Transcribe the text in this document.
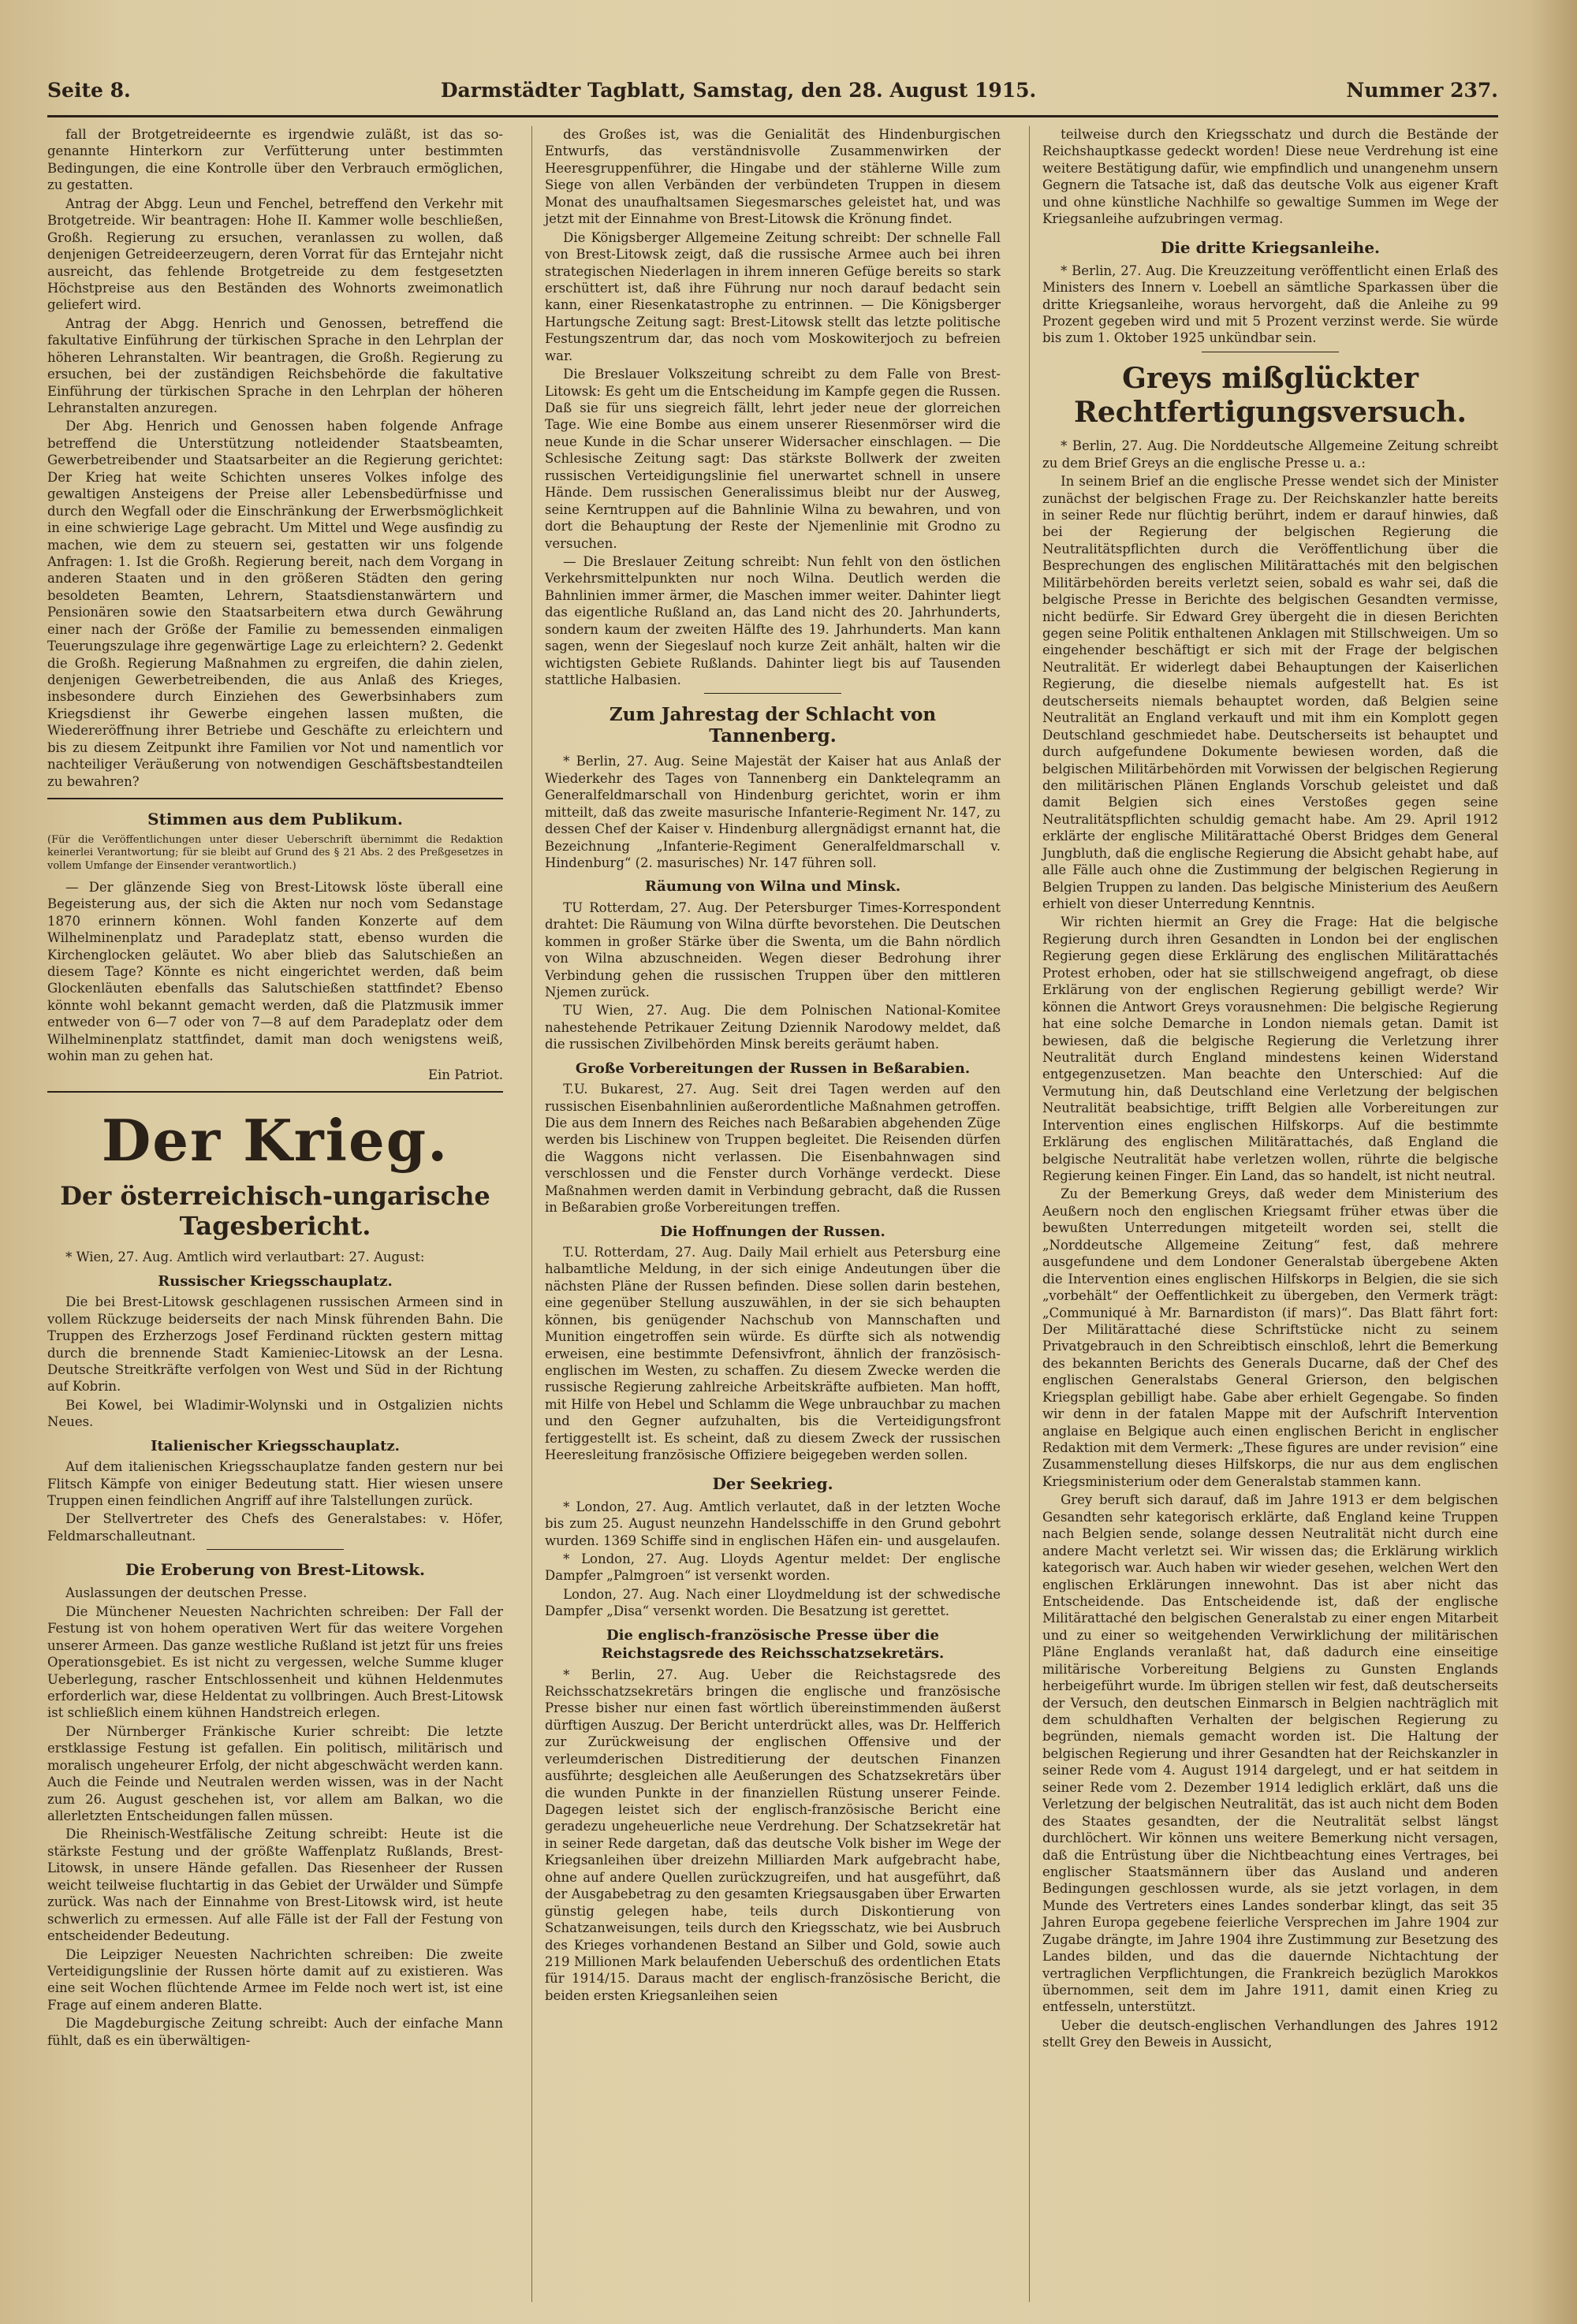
Seite 8.	Darmstädter Tagblatt, Samstag, den 28. August 1915.	Nummer 237.

fall der Brotgetreideernte es irgendwie zuläßt, ist das so-genannte Hinterkorn zur Verfütterung unter bestimmten Bedingungen, die eine Kontrolle über den Verbrauch ermöglichen, zu gestatten.

Antrag der Abgg. Leun und Fenchel, betreffend den Verkehr mit Brotgetreide. Wir beantragen: Hohe II. Kammer wolle beschließen, Großh. Regierung zu ersuchen, veranlassen zu wollen, daß denjenigen Getreideerzeugern, deren Vorrat für das Erntejahr nicht ausreicht, das fehlende Brotgetreide zu dem festgesetzten Höchstpreise aus den Beständen des Wohnorts zweimonatlich geliefert wird.

Antrag der Abgg. Henrich und Genossen, betreffend die fakultative Einführung der türkischen Sprache in den Lehrplan der höheren Lehranstalten. Wir beantragen, die Großh. Regierung zu ersuchen, bei der zuständigen Reichsbehörde die fakultative Einführung der türkischen Sprache in den Lehrplan der höheren Lehranstalten anzuregen.

Der Abg. Henrich und Genossen haben folgende Anfrage betreffend die Unterstützung notleidender Staatsbeamten, Gewerbetreibender und Staatsarbeiter an die Regierung gerichtet: Der Krieg hat weite Schichten unseres Volkes infolge des gewaltigen Ansteigens der Preise aller Lebensbedürfnisse und durch den Wegfall oder die Einschränkung der Erwerbsmöglichkeit in eine schwierige Lage gebracht. Um Mittel und Wege ausfindig zu machen, wie dem zu steuern sei, gestatten wir uns folgende Anfragen: 1. Ist die Großh. Regierung bereit, nach dem Vorgang in anderen Staaten und in den größeren Städten den gering besoldeten Beamten, Lehrern, Staatsdienstanwärtern und Pensionären sowie den Staatsarbeitern etwa durch Gewährung einer nach der Größe der Familie zu bemessenden einmaligen Teuerungszulage ihre gegenwärtige Lage zu erleichtern? 2. Gedenkt die Großh. Regierung Maßnahmen zu ergreifen, die dahin zielen, denjenigen Gewerbetreibenden, die aus Anlaß des Krieges, insbesondere durch Einziehen des Gewerbsinhabers zum Kriegsdienst ihr Gewerbe eingehen lassen mußten, die Wiedereröffnung ihrer Betriebe und Geschäfte zu erleichtern und bis zu diesem Zeitpunkt ihre Familien vor Not und namentlich vor nachteiliger Veräußerung von notwendigen Geschäftsbestandteilen zu bewahren?

Stimmen aus dem Publikum.

(Für die Veröffentlichungen unter dieser Ueberschrift übernimmt die Redaktion keinerlei Verantwortung; für sie bleibt auf Grund des § 21 Abs. 2 des Preßgesetzes in vollem Umfange der Einsender verantwortlich.)

— Der glänzende Sieg von Brest-Litowsk löste überall eine Begeisterung aus, der sich die Akten nur noch vom Sedanstage 1870 erinnern können. Wohl fanden Konzerte auf dem Wilhelminenplatz und Paradeplatz statt, ebenso wurden die Kirchenglocken geläutet. Wo aber blieb das Salutschießen an diesem Tage? Könnte es nicht eingerichtet werden, daß beim Glockenläuten ebenfalls das Salutschießen stattfindet? Ebenso könnte wohl bekannt gemacht werden, daß die Platzmusik immer entweder von 6—7 oder von 7—8 auf dem Paradeplatz oder dem Wilhelminenplatz stattfindet, damit man doch wenigstens weiß, wohin man zu gehen hat.

Ein Patriot.

Der Krieg.
Der österreichisch-ungarische Tagesbericht.

* Wien, 27. Aug. Amtlich wird verlautbart: 27. August:

Russischer Kriegsschauplatz.

Die bei Brest-Litowsk geschlagenen russischen Armeen sind in vollem Rückzuge beiderseits der nach Minsk führenden Bahn. Die Truppen des Erzherzogs Josef Ferdinand rückten gestern mittag durch die brennende Stadt Kamieniec-Litowsk an der Lesna. Deutsche Streitkräfte verfolgen von West und Süd in der Richtung auf Kobrin.

Bei Kowel, bei Wladimir-Wolynski und in Ostgalizien nichts Neues.

Italienischer Kriegsschauplatz.

Auf dem italienischen Kriegsschauplatze fanden gestern nur bei Flitsch Kämpfe von einiger Bedeutung statt. Hier wiesen unsere Truppen einen feindlichen Angriff auf ihre Talstellungen zurück.

Der Stellvertreter des Chefs des Generalstabes: v. Höfer, Feldmarschalleutnant.

Die Eroberung von Brest-Litowsk.

Auslassungen der deutschen Presse.

Die Münchener Neuesten Nachrichten schreiben: Der Fall der Festung ist von hohem operativen Wert für das weitere Vorgehen unserer Armeen. Das ganze westliche Rußland ist jetzt für uns freies Operationsgebiet. Es ist nicht zu vergessen, welche Summe kluger Ueberlegung, rascher Entschlossenheit und kühnen Heldenmutes erforderlich war, diese Heldentat zu vollbringen. Auch Brest-Litowsk ist schließlich einem kühnen Handstreich erlegen.

Der Nürnberger Fränkische Kurier schreibt: Die letzte erstklassige Festung ist gefallen. Ein politisch, militärisch und moralisch ungeheurer Erfolg, der nicht abgeschwächt werden kann. Auch die Feinde und Neutralen werden wissen, was in der Nacht zum 26. August geschehen ist, vor allem am Balkan, wo die allerletzten Entscheidungen fallen müssen.

Die Rheinisch-Westfälische Zeitung schreibt: Heute ist die stärkste Festung und der größte Waffenplatz Rußlands, Brest-Litowsk, in unsere Hände gefallen. Das Riesenheer der Russen weicht teilweise fluchtartig in das Gebiet der Urwälder und Sümpfe zurück. Was nach der Einnahme von Brest-Litowsk wird, ist heute schwerlich zu ermessen. Auf alle Fälle ist der Fall der Festung von entscheidender Bedeutung.

Die Leipziger Neuesten Nachrichten schreiben: Die zweite Verteidigungslinie der Russen hörte damit auf zu existieren. Was eine seit Wochen flüchtende Armee im Felde noch wert ist, ist eine Frage auf einem anderen Blatte.

Die Magdeburgische Zeitung schreibt: Auch der einfache Mann fühlt, daß es ein überwältigen-

des Großes ist, was die Genialität des Hindenburgischen Entwurfs, das verständnisvolle Zusammenwirken der Heeresgruppenführer, die Hingabe und der stählerne Wille zum Siege von allen Verbänden der verbündeten Truppen in diesem Monat des unaufhaltsamen Siegesmarsches geleistet hat, und was jetzt mit der Einnahme von Brest-Litowsk die Krönung findet.

Die Königsberger Allgemeine Zeitung schreibt: Der schnelle Fall von Brest-Litowsk zeigt, daß die russische Armee auch bei ihren strategischen Niederlagen in ihrem inneren Gefüge bereits so stark erschüttert ist, daß ihre Führung nur noch darauf bedacht sein kann, einer Riesenkatastrophe zu entrinnen. — Die Königsberger Hartungsche Zeitung sagt: Brest-Litowsk stellt das letzte politische Festungszentrum dar, das noch vom Moskowiterjoch zu befreien war.

Die Breslauer Volkszeitung schreibt zu dem Falle von Brest-Litowsk: Es geht um die Entscheidung im Kampfe gegen die Russen. Daß sie für uns siegreich fällt, lehrt jeder neue der glorreichen Tage. Wie eine Bombe aus einem unserer Riesenmörser wird die neue Kunde in die Schar unserer Widersacher einschlagen. — Die Schlesische Zeitung sagt: Das stärkste Bollwerk der zweiten russischen Verteidigungslinie fiel unerwartet schnell in unsere Hände. Dem russischen Generalissimus bleibt nur der Ausweg, seine Kerntruppen auf die Bahnlinie Wilna zu bewahren, und von dort die Behauptung der Reste der Njemenlinie mit Grodno zu versuchen.

— Die Breslauer Zeitung schreibt: Nun fehlt von den östlichen Verkehrsmittelpunkten nur noch Wilna. Deutlich werden die Bahnlinien immer ärmer, die Maschen immer weiter. Dahinter liegt das eigentliche Rußland an, das Land nicht des 20. Jahrhunderts, sondern kaum der zweiten Hälfte des 19. Jahrhunderts. Man kann sagen, wenn der Siegeslauf noch kurze Zeit anhält, halten wir die wichtigsten Gebiete Rußlands. Dahinter liegt bis auf Tausenden stattliche Halbasien.

Zum Jahrestag der Schlacht von Tannenberg.

* Berlin, 27. Aug. Seine Majestät der Kaiser hat aus Anlaß der Wiederkehr des Tages von Tannenberg ein Dankteleqramm an Generalfeldmarschall von Hindenburg gerichtet, worin er ihm mitteilt, daß das zweite masurische Infanterie-Regiment Nr. 147, zu dessen Chef der Kaiser v. Hindenburg allergnädigst ernannt hat, die Bezeichnung „Infanterie-Regiment Generalfeldmarschall v. Hindenburg“ (2. masurisches) Nr. 147 führen soll.

Räumung von Wilna und Minsk.

TU Rotterdam, 27. Aug. Der Petersburger Times-Korrespondent drahtet: Die Räumung von Wilna dürfte bevorstehen. Die Deutschen kommen in großer Stärke über die Swenta, um die Bahn nördlich von Wilna abzuschneiden. Wegen dieser Bedrohung ihrer Verbindung gehen die russischen Truppen über den mittleren Njemen zurück.

TU Wien, 27. Aug. Die dem Polnischen National-Komitee nahestehende Petrikauer Zeitung Dziennik Narodowy meldet, daß die russischen Zivilbehörden Minsk bereits geräumt haben.

Große Vorbereitungen der Russen in Beßarabien.

T.U. Bukarest, 27. Aug. Seit drei Tagen werden auf den russischen Eisenbahnlinien außerordentliche Maßnahmen getroffen. Die aus dem Innern des Reiches nach Beßarabien abgehenden Züge werden bis Lischinew von Truppen begleitet. Die Reisenden dürfen die Waggons nicht verlassen. Die Eisenbahnwagen sind verschlossen und die Fenster durch Vorhänge verdeckt. Diese Maßnahmen werden damit in Verbindung gebracht, daß die Russen in Beßarabien große Vorbereitungen treffen.

Die Hoffnungen der Russen.

T.U. Rotterdam, 27. Aug. Daily Mail erhielt aus Petersburg eine halbamtliche Meldung, in der sich einige Andeutungen über die nächsten Pläne der Russen befinden. Diese sollen darin bestehen, eine gegenüber Stellung auszuwählen, in der sie sich behaupten können, bis genügender Nachschub von Mannschaften und Munition eingetroffen sein würde. Es dürfte sich als notwendig erweisen, eine bestimmte Defensivfront, ähnlich der französisch-englischen im Westen, zu schaffen. Zu diesem Zwecke werden die russische Regierung zahlreiche Arbeitskräfte aufbieten. Man hofft, mit Hilfe von Hebel und Schlamm die Wege unbrauchbar zu machen und den Gegner aufzuhalten, bis die Verteidigungsfront fertiggestellt ist. Es scheint, daß zu diesem Zweck der russischen Heeresleitung französische Offiziere beigegeben werden sollen.

Der Seekrieg.

* London, 27. Aug. Amtlich verlautet, daß in der letzten Woche bis zum 25. August neunzehn Handelsschiffe in den Grund gebohrt wurden. 1369 Schiffe sind in englischen Häfen ein- und ausgelaufen.

* London, 27. Aug. Lloyds Agentur meldet: Der englische Dampfer „Palmgroen“ ist versenkt worden.

London, 27. Aug. Nach einer Lloydmeldung ist der schwedische Dampfer „Disa“ versenkt worden. Die Besatzung ist gerettet.

Die englisch-französische Presse über die Reichstagsrede des Reichsschatzsekretärs.

* Berlin, 27. Aug. Ueber die Reichstagsrede des Reichsschatzsekretärs bringen die englische und französische Presse bisher nur einen fast wörtlich übereinstimmenden äußerst dürftigen Auszug. Der Bericht unterdrückt alles, was Dr. Helfferich zur Zurückweisung der englischen Offensive und der verleumderischen Distreditierung der deutschen Finanzen ausführte; desgleichen alle Aeußerungen des Schatzsekretärs über die wunden Punkte in der finanziellen Rüstung unserer Feinde. Dagegen leistet sich der englisch-französische Bericht eine geradezu ungeheuerliche neue Verdrehung. Der Schatzsekretär hat in seiner Rede dargetan, daß das deutsche Volk bisher im Wege der Kriegsanleihen über dreizehn Milliarden Mark aufgebracht habe, ohne auf andere Quellen zurückzugreifen, und hat ausgeführt, daß der Ausgabebetrag zu den gesamten Kriegsausgaben über Erwarten günstig gelegen habe, teils durch Diskontierung von Schatzanweisungen, teils durch den Kriegsschatz, wie bei Ausbruch des Krieges vorhandenen Bestand an Silber und Gold, sowie auch 219 Millionen Mark belaufenden Ueberschuß des ordentlichen Etats für 1914/15. Daraus macht der englisch-französische Bericht, die beiden ersten Kriegsanleihen seien

teilweise durch den Kriegsschatz und durch die Bestände der Reichshauptkasse gedeckt worden! Diese neue Verdrehung ist eine weitere Bestätigung dafür, wie empfindlich und unangenehm unsern Gegnern die Tatsache ist, daß das deutsche Volk aus eigener Kraft und ohne künstliche Nachhilfe so gewaltige Summen im Wege der Kriegsanleihe aufzubringen vermag.

Die dritte Kriegsanleihe.

* Berlin, 27. Aug. Die Kreuzzeitung veröffentlicht einen Erlaß des Ministers des Innern v. Loebell an sämtliche Sparkassen über die dritte Kriegsanleihe, woraus hervorgeht, daß die Anleihe zu 99 Prozent gegeben wird und mit 5 Prozent verzinst werde. Sie würde bis zum 1. Oktober 1925 unkündbar sein.

Greys mißglückter Rechtfertigungsversuch.

* Berlin, 27. Aug. Die Norddeutsche Allgemeine Zeitung schreibt zu dem Brief Greys an die englische Presse u. a.:

In seinem Brief an die englische Presse wendet sich der Minister zunächst der belgischen Frage zu. Der Reichskanzler hatte bereits in seiner Rede nur flüchtig berührt, indem er darauf hinwies, daß bei der Regierung der belgischen Regierung die Neutralitätspflichten durch die Veröffentlichung über die Besprechungen des englischen Militärattachés mit den belgischen Militärbehörden bereits verletzt seien, sobald es wahr sei, daß die belgische Presse in Berichte des belgischen Gesandten vermisse, nicht bedürfe. Sir Edward Grey übergeht die in diesen Berichten gegen seine Politik enthaltenen Anklagen mit Stillschweigen. Um so eingehender beschäftigt er sich mit der Frage der belgischen Neutralität. Er widerlegt dabei Behauptungen der Kaiserlichen Regierung, die dieselbe niemals aufgestellt hat. Es ist deutscherseits niemals behauptet worden, daß Belgien seine Neutralität an England verkauft und mit ihm ein Komplott gegen Deutschland geschmiedet habe. Deutscherseits ist behauptet und durch aufgefundene Dokumente bewiesen worden, daß die belgischen Militärbehörden mit Vorwissen der belgischen Regierung den militärischen Plänen Englands Vorschub geleistet und daß damit Belgien sich eines Verstoßes gegen seine Neutralitätspflichten schuldig gemacht habe. Am 29. April 1912 erklärte der englische Militärattaché Oberst Bridges dem General Jungbluth, daß die englische Regierung die Absicht gehabt habe, auf alle Fälle auch ohne die Zustimmung der belgischen Regierung in Belgien Truppen zu landen. Das belgische Ministerium des Aeußern erhielt von dieser Unterredung Kenntnis.

Wir richten hiermit an Grey die Frage: Hat die belgische Regierung durch ihren Gesandten in London bei der englischen Regierung gegen diese Erklärung des englischen Militärattachés Protest erhoben, oder hat sie stillschweigend angefragt, ob diese Erklärung von der englischen Regierung gebilligt werde? Wir können die Antwort Greys vorausnehmen: Die belgische Regierung hat eine solche Demarche in London niemals getan. Damit ist bewiesen, daß die belgische Regierung die Verletzung ihrer Neutralität durch England mindestens keinen Widerstand entgegenzusetzen. Man beachte den Unterschied: Auf die Vermutung hin, daß Deutschland eine Verletzung der belgischen Neutralität beabsichtige, trifft Belgien alle Vorbereitungen zur Intervention eines englischen Hilfskorps. Auf die bestimmte Erklärung des englischen Militärattachés, daß England die belgische Neutralität habe verletzen wollen, rührte die belgische Regierung keinen Finger. Ein Land, das so handelt, ist nicht neutral.

Zu der Bemerkung Greys, daß weder dem Ministerium des Aeußern noch den englischen Kriegsamt früher etwas über die bewußten Unterredungen mitgeteilt worden sei, stellt die „Norddeutsche Allgemeine Zeitung“ fest, daß mehrere ausgefundene und dem Londoner Generalstab übergebene Akten die Intervention eines englischen Hilfskorps in Belgien, die sie sich „vorbehält“ der Oeffentlichkeit zu übergeben, den Vermerk trägt: „Communiqué à Mr. Barnardiston (if mars)“. Das Blatt fährt fort: Der Militärattaché diese Schriftstücke nicht zu seinem Privatgebrauch in den Schreibtisch einschloß, lehrt die Bemerkung des bekannten Berichts des Generals Ducarne, daß der Chef des englischen Generalstabs General Grierson, den belgischen Kriegsplan gebilligt habe. Gabe aber erhielt Gegengabe. So finden wir denn in der fatalen Mappe mit der Aufschrift Intervention anglaise en Belgique auch einen englischen Bericht in englischer Redaktion mit dem Vermerk: „These figures are under revision“ eine Zusammenstellung dieses Hilfskorps, die nur aus dem englischen Kriegsministerium oder dem Generalstab stammen kann.

Grey beruft sich darauf, daß im Jahre 1913 er dem belgischen Gesandten sehr kategorisch erklärte, daß England keine Truppen nach Belgien sende, solange dessen Neutralität nicht durch eine andere Macht verletzt sei. Wir wissen das; die Erklärung wirklich kategorisch war. Auch haben wir wieder gesehen, welchen Wert den englischen Erklärungen innewohnt. Das ist aber nicht das Entscheidende. Das Entscheidende ist, daß der englische Militärattaché den belgischen Generalstab zu einer engen Mitarbeit und zu einer so weitgehenden Verwirklichung der militärischen Pläne Englands veranlaßt hat, daß dadurch eine einseitige militärische Vorbereitung Belgiens zu Gunsten Englands herbeigeführt wurde. Im übrigen stellen wir fest, daß deutscherseits der Versuch, den deutschen Einmarsch in Belgien nachträglich mit dem schuldhaften Verhalten der belgischen Regierung zu begründen, niemals gemacht worden ist. Die Haltung der belgischen Regierung und ihrer Gesandten hat der Reichskanzler in seiner Rede vom 4. August 1914 dargelegt, und er hat seitdem in seiner Rede vom 2. Dezember 1914 lediglich erklärt, daß uns die Verletzung der belgischen Neutralität, das ist auch nicht dem Boden des Staates gesandten, der die Neutralität selbst längst durchlöchert. Wir können uns weitere Bemerkung nicht versagen, daß die Entrüstung über die Nichtbeachtung eines Vertrages, bei englischer Staatsmännern über das Ausland und anderen Bedingungen geschlossen wurde, als sie jetzt vorlagen, in dem Munde des Vertreters eines Landes sonderbar klingt, das seit 35 Jahren Europa gegebene feierliche Versprechen im Jahre 1904 zur Zugabe drängte, im Jahre 1904 ihre Zustimmung zur Besetzung des Landes bilden, und das die dauernde Nichtachtung der vertraglichen Verpflichtungen, die Frankreich bezüglich Marokkos übernommen, seit dem im Jahre 1911, damit einen Krieg zu entfesseln, unterstützt.

Ueber die deutsch-englischen Verhandlungen des Jahres 1912 stellt Grey den Beweis in Aussicht,
